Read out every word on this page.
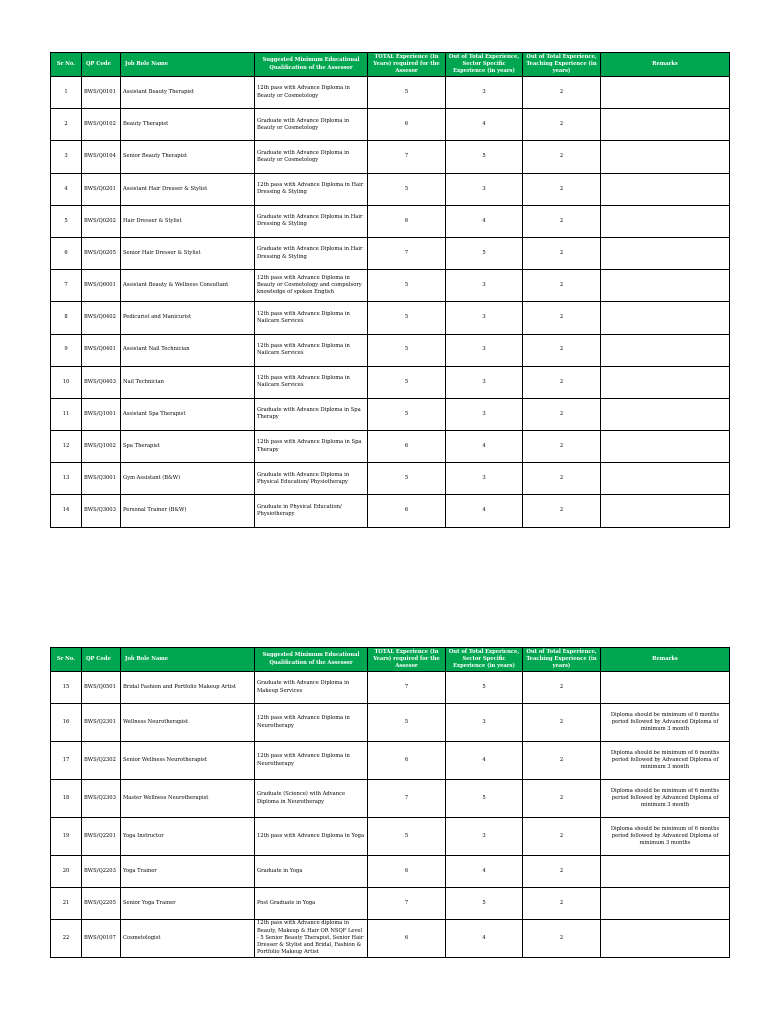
Sr No.	QP Code	Job Role Name	Suggested Minimum Educational Qualification of the Assessor	TOTAL Experience (In Years) required for the Assesor	Out of Total Experience, Sector Specific Experience (in years)	Out of Total Experience, Teaching Experience (in years)	Remarks
1	BWS/Q0101	Assistant Beauty Therapist	12th pass with Advance Diploma in Beauty or Cosmetology	5	3	2	
2	BWS/Q0102	Beauty Therapist	Graduate with Advance Diploma in Beauty or Cosmetology	6	4	2	
3	BWS/Q0104	Senior Beauty Therapist	Graduate with Advance Diploma in Beauty or Cosmetology	7	5	2	
4	BWS/Q0201	Assistant Hair Dresser & Stylist	12th pass with Advance Diploma in Hair Dressing & Styling	5	3	2	
5	BWS/Q0202	Hair Dresser & Stylist	Graduate with Advance Diploma in Hair Dressing & Styling	6	4	2	
6	BWS/Q0205	Senior Hair Dresser & Stylist	Graduate with Advance Diploma in Hair Dressing & Styling	7	5	2	
7	BWS/Q6001	Assistant Beauty & Wellness Consultant	12th pass with Advance Diploma in Beauty or Cosmetology and compulsory knowledge of spoken English	5	3	2	
8	BWS/Q0402	Pedicurist and Manicurist	12th pass with Advance Diploma in Nailcare Services	5	3	2	
9	BWS/Q0401	Assistant Nail Technician	12th pass with Advance Diploma in Nailcare Services	5	3	2	
10	BWS/Q0403	Nail Technician	12th pass with Advance Diploma in Nailcare Services	5	3	2	
11	BWS/Q1001	Assistant Spa Therapist	Graduate with Advance Diploma in Spa Therapy	5	3	2	
12	BWS/Q1002	Spa Therapist	12th pass with Advance Diploma in Spa Therapy	6	4	2	
13	BWS/Q3001	Gym Assistant (B&W)	Graduate with Advance Diploma in Physical Education/ Physiotherapy	5	3	2	
14	BWS/Q3003	Personal Trainer (B&W)	Graduate in Physical Education/ Physiotherapy	6	4	2	
Sr No.	QP Code	Job Role Name	Suggested Minimum Educational Qualification of the Assessor	TOTAL Experience (In Years) required for the Assesor	Out of Total Experience, Sector Specific Experience (in years)	Out of Total Experience, Teaching Experience (in years)	Remarks
15	BWS/Q0501	Bridal Fashion and Portfolio Makeup Artist	Graduate with Advance Diploma in Makeup Services	7	5	2	
16	BWS/Q2301	Wellness Neurotherapist	12th pass with Advance Diploma in Neurotherapy	5	3	2	Diploma should be minimum of 6 months period followed by Advanced Diploma of minimum 3 month
17	BWS/Q2302	Senior Wellness Neurotherapist	12th pass with Advance Diploma in Neurotherapy	6	4	2	Diploma should be minimum of 6 months period followed by Advanced Diploma of minimum 3 month
18	BWS/Q2303	Master Wellness Neurotherapist	Graduate (Science) with Advance Diploma in Neurotherapy	7	5	2	Diploma should be minimum of 6 months period followed by Advanced Diploma of minimum 3 month
19	BWS/Q2201	Yoga Instructor	12th pass with Advance Diploma in Yoga	5	3	2	Diploma should be minimum of 6 months period followed by Advanced Diploma of minimum 3 months
20	BWS/Q2203	Yoga Trainer	Graduate in Yoga	6	4	2	
21	BWS/Q2205	Senior Yoga Trainer	Post Graduate in Yoga	7	5	2	
22	BWS/Q0107	Cosmetologist	12th pass with Advance diploma in Beauty, Makeup & Hair OR NSQF Level - 5 Senior Beauty Therapist, Senior Hair Dresser & Stylist and Bridal, Fashion & Portfolio Makeup Artist	6	4	2	
